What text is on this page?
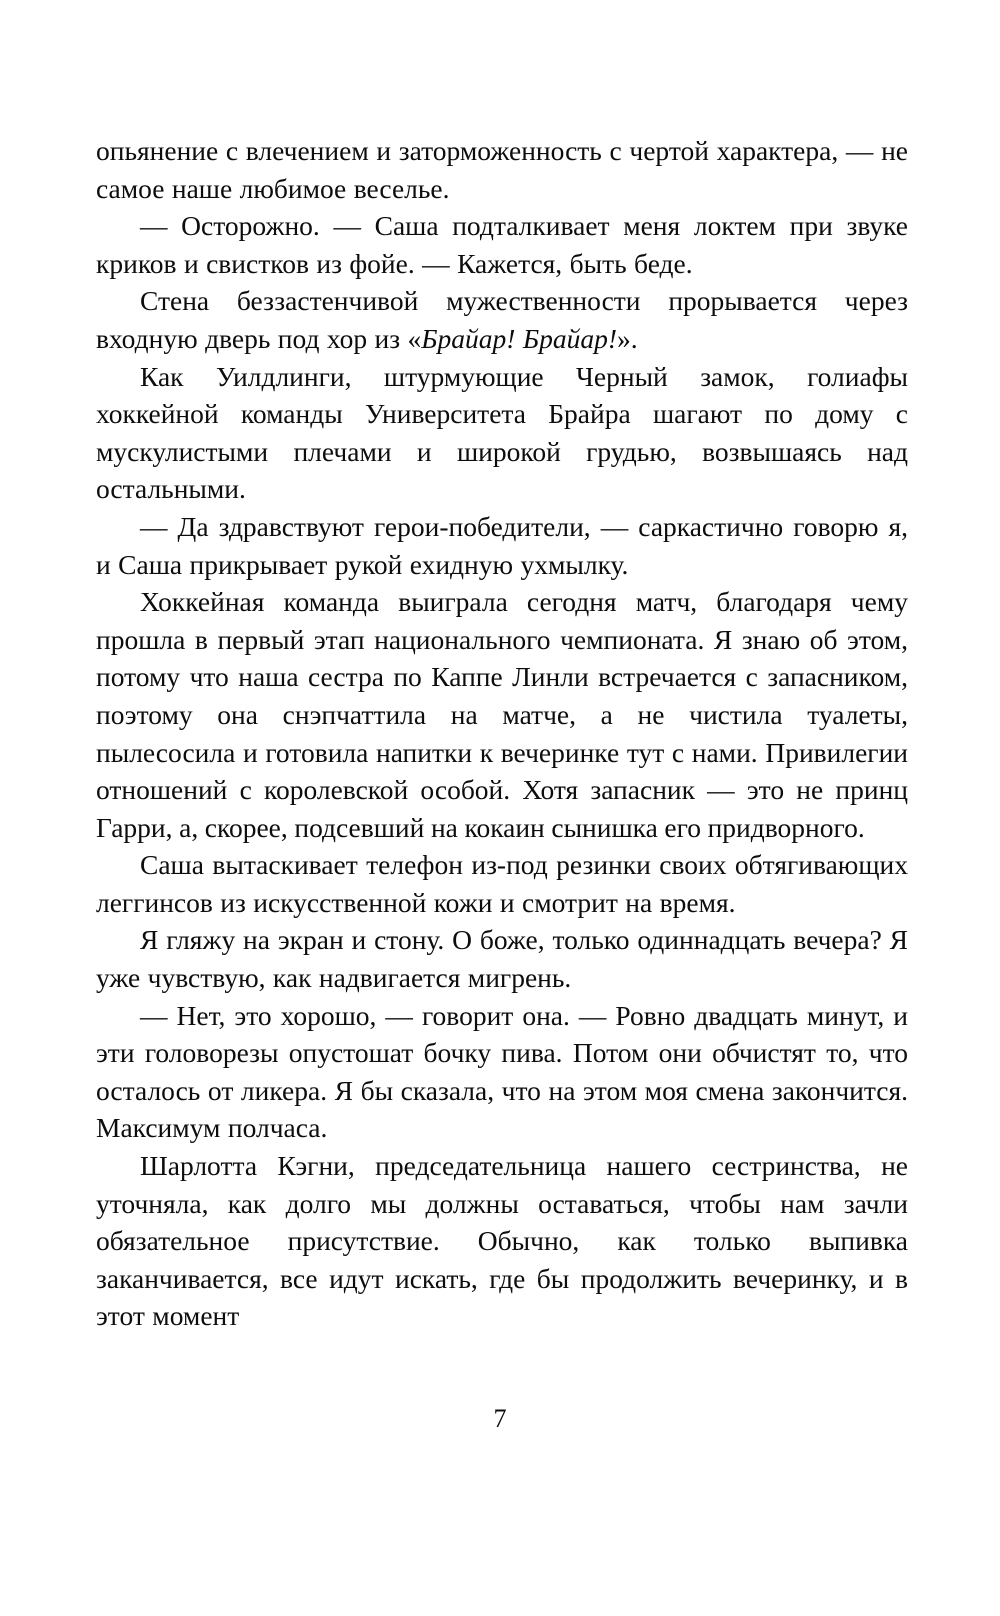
опьянение с влечением и заторможенность с чертой характера, — не самое наше любимое веселье.

— Осторожно. — Саша подталкивает меня локтем при звуке криков и свистков из фойе. — Кажется, быть беде.

Стена беззастенчивой мужественности прорывается через входную дверь под хор из «Брайар! Брайар!».

Как Уилдлинги, штурмующие Черный замок, голиафы хоккейной команды Университета Брайра шагают по дому с мускулистыми плечами и широкой грудью, возвышаясь над остальными.

— Да здравствуют герои-победители, — саркастично говорю я, и Саша прикрывает рукой ехидную ухмылку.

Хоккейная команда выиграла сегодня матч, благодаря чему прошла в первый этап национального чемпионата. Я знаю об этом, потому что наша сестра по Каппе Линли встречается с запасником, поэтому она снэпчаттила на матче, а не чистила туалеты, пылесосила и готовила напитки к вечеринке тут с нами. Привилегии отношений с королевской особой. Хотя запасник — это не принц Гарри, а, скорее, подсевший на кокаин сынишка его придворного.

Саша вытаскивает телефон из-под резинки своих обтягивающих леггинсов из искусственной кожи и смотрит на время.

Я гляжу на экран и стону. О боже, только одиннадцать вечера? Я уже чувствую, как надвигается мигрень.

— Нет, это хорошо, — говорит она. — Ровно двадцать минут, и эти головорезы опустошат бочку пива. Потом они обчистят то, что осталось от ликера. Я бы сказала, что на этом моя смена закончится. Максимум полчаса.

Шарлотта Кэгни, председательница нашего сестринства, не уточняла, как долго мы должны оставаться, чтобы нам зачли обязательное присутствие. Обычно, как только выпивка заканчивается, все идут искать, где бы продолжить вечеринку, и в этот момент

7
